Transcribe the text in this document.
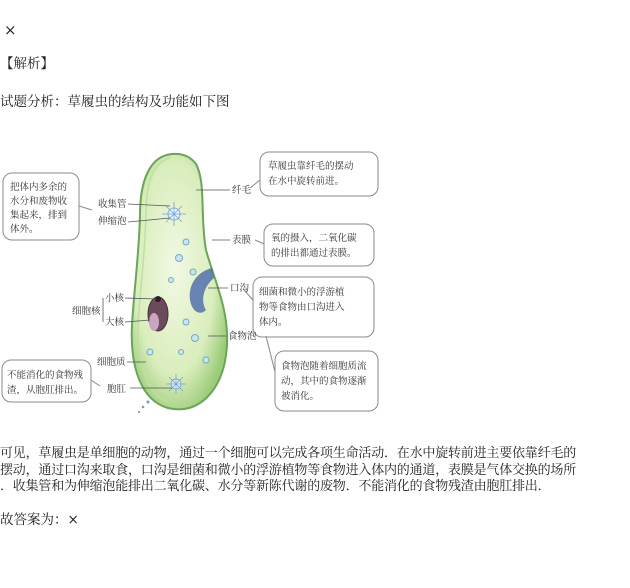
×
【解析】
试题分析：草履虫的结构及功能如下图
把体内多余的
水分和废物收
集起来，排到
体外。
不能消化的食物残
渣，从胞肛排出。
草履虫靠纤毛的摆动
在水中旋转前进。
氧的摄入，二氧化碳
的排出都通过表膜。
细菌和微小的浮游植
物等食物由口沟进入
体内。
食物泡随着细胞质流
动，其中的食物逐渐
被消化。
收集管
伸缩泡
细胞核
小核
大核
细胞质
胞肛
纤毛
表膜
口沟
食物泡
可见，草履虫是单细胞的动物，通过一个细胞可以完成各项生命活动．在水中旋转前进主要依靠纤毛的
摆动，通过口沟来取食，口沟是细菌和微小的浮游植物等食物进入体内的通道，表膜是气体交换的场所
．收集管和为伸缩泡能排出二氧化碳、水分等新陈代谢的废物．不能消化的食物残渣由胞肛排出．
故答案为：×
